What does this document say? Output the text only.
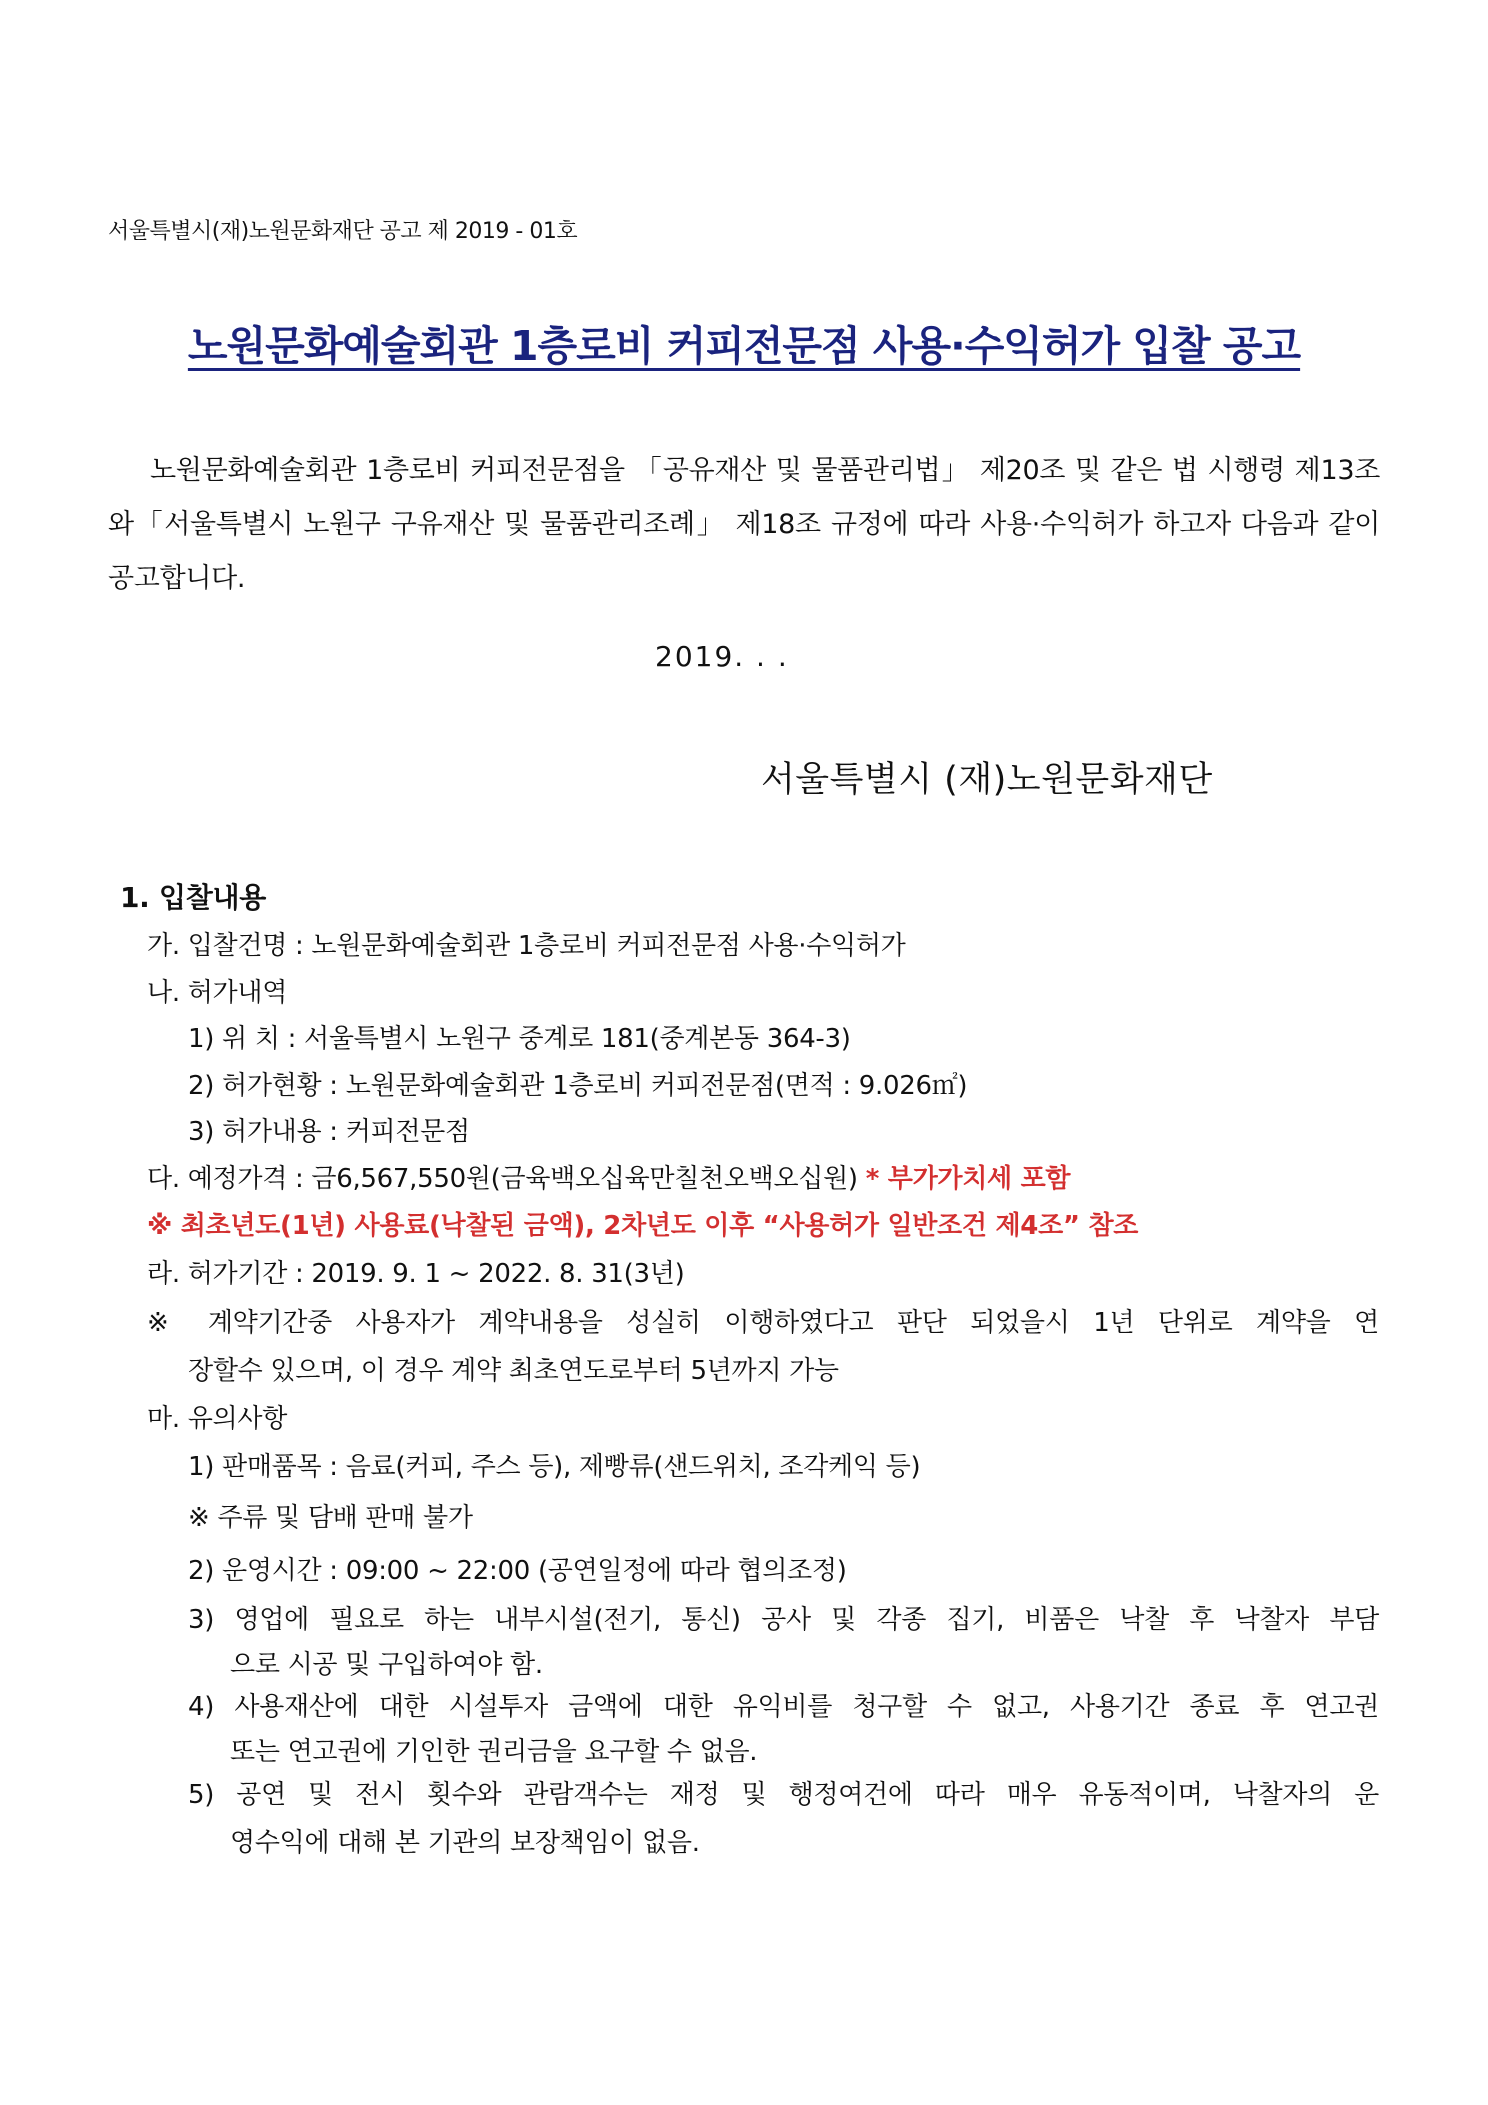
서울특별시(재)노원문화재단 공고 제 2019 - 01호
노원문화예술회관 1층로비 커피전문점 사용·수익허가 입찰 공고
노원문화예술회관 1층로비 커피전문점을 「공유재산 및 물품관리법」 제20조 및 같은 법 시행령 제13조와「서울특별시 노원구 구유재산 및 물품관리조례」 제18조 규정에 따라 사용·수익허가 하고자 다음과 같이 공고합니다.
2019. . .
서울특별시 (재)노원문화재단
1. 입찰내용
가. 입찰건명 : 노원문화예술회관 1층로비 커피전문점 사용·수익허가
나. 허가내역
1) 위 치 : 서울특별시 노원구 중계로 181(중계본동 364-3)
2) 허가현황 : 노원문화예술회관 1층로비 커피전문점(면적 : 9.026㎡)
3) 허가내용 : 커피전문점
다. 예정가격 : 금6,567,550원(금육백오십육만칠천오백오십원) * 부가가치세 포함
※ 최초년도(1년) 사용료(낙찰된 금액), 2차년도 이후 “사용허가 일반조건 제4조” 참조
라. 허가기간 : 2019. 9. 1 ~ 2022. 8. 31(3년)
※ 계약기간중 사용자가 계약내용을 성실히 이행하였다고 판단 되었을시 1년 단위로 계약을 연
장할수 있으며, 이 경우 계약 최초연도로부터 5년까지 가능
마. 유의사항
1) 판매품목 : 음료(커피, 주스 등), 제빵류(샌드위치, 조각케익 등)
※ 주류 및 담배 판매 불가
2) 운영시간 : 09:00 ~ 22:00 (공연일정에 따라 협의조정)
3) 영업에 필요로 하는 내부시설(전기, 통신) 공사 및 각종 집기, 비품은 낙찰 후 낙찰자 부담
으로 시공 및 구입하여야 함.
4) 사용재산에 대한 시설투자 금액에 대한 유익비를 청구할 수 없고, 사용기간 종료 후 연고권
또는 연고권에 기인한 권리금을 요구할 수 없음.
5) 공연 및 전시 횟수와 관람객수는 재정 및 행정여건에 따라 매우 유동적이며, 낙찰자의 운
영수익에 대해 본 기관의 보장책임이 없음.
